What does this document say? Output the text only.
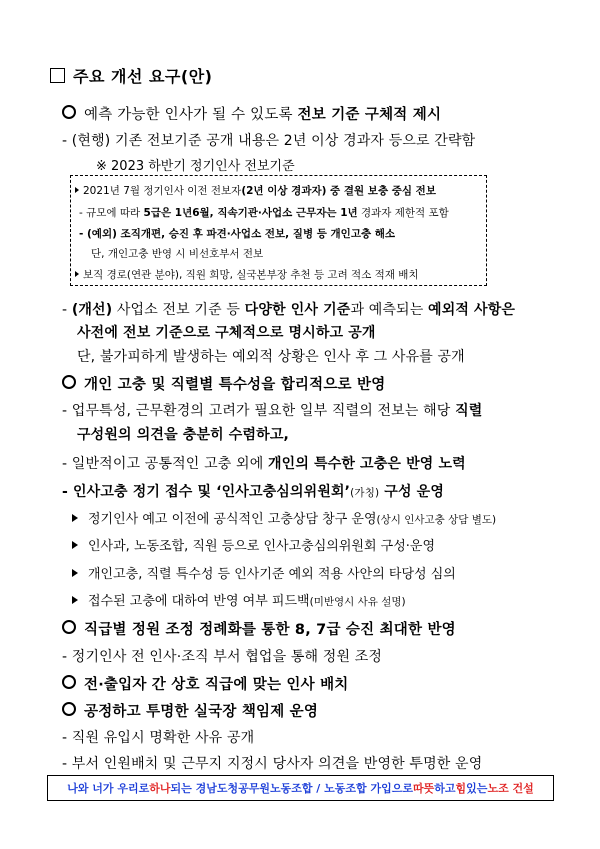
주요 개선 요구(안)
예측 가능한 인사가 될 수 있도록 전보 기준 구체적 제시
- (현행) 기존 전보기준 공개 내용은 2년 이상 경과자 등으로 간략함
※ 2023 하반기 정기인사 전보기준
2021년 7월 정기인사 이전 전보자(2년 이상 경과자) 중 결원 보충 중심 전보
- 규모에 따라 5급은 1년6월, 직속기관·사업소 근무자는 1년 경과자 제한적 포함
- (예외) 조직개편, 승진 후 파견·사업소 전보, 질병 등 개인고충 해소
단, 개인고충 반영 시 비선호부서 전보
보직 경로(연관 분야), 직원 희망, 실국본부장 추천 등 고려 적소 적재 배치
- (개선) 사업소 전보 기준 등 다양한 인사 기준과 예측되는 예외적 사항은
사전에 전보 기준으로 구체적으로 명시하고 공개
단, 불가피하게 발생하는 예외적 상황은 인사 후 그 사유를 공개
개인 고충 및 직렬별 특수성을 합리적으로 반영
- 업무특성, 근무환경의 고려가 필요한 일부 직렬의 전보는 해당 직렬
구성원의 의견을 충분히 수렴하고,
- 일반적이고 공통적인 고충 외에 개인의 특수한 고충은 반영 노력
- 인사고충 정기 접수 및 ‘인사고충심의위원회’(가칭) 구성 운영
정기인사 예고 이전에 공식적인 고충상담 창구 운영(상시 인사고충 상담 별도)
인사과, 노동조합, 직원 등으로 인사고충심의위원회 구성·운영
개인고충, 직렬 특수성 등 인사기준 예외 적용 사안의 타당성 심의
접수된 고충에 대하여 반영 여부 피드백(미반영시 사유 설명)
직급별 정원 조정 정례화를 통한 8, 7급 승진 최대한 반영
- 정기인사 전 인사·조직 부서 협업을 통해 정원 조정
전·출입자 간 상호 직급에 맞는 인사 배치
공정하고 투명한 실국장 책임제 운영
- 직원 유입시 명확한 사유 공개
- 부서 인원배치 및 근무지 지정시 당사자 의견을 반영한 투명한 운영
나와 너가 우리로 하나 되는 경남도청공무원노동조합 / 노동조합 가입으로 따뜻 하고 힘 있는 노조 건설
